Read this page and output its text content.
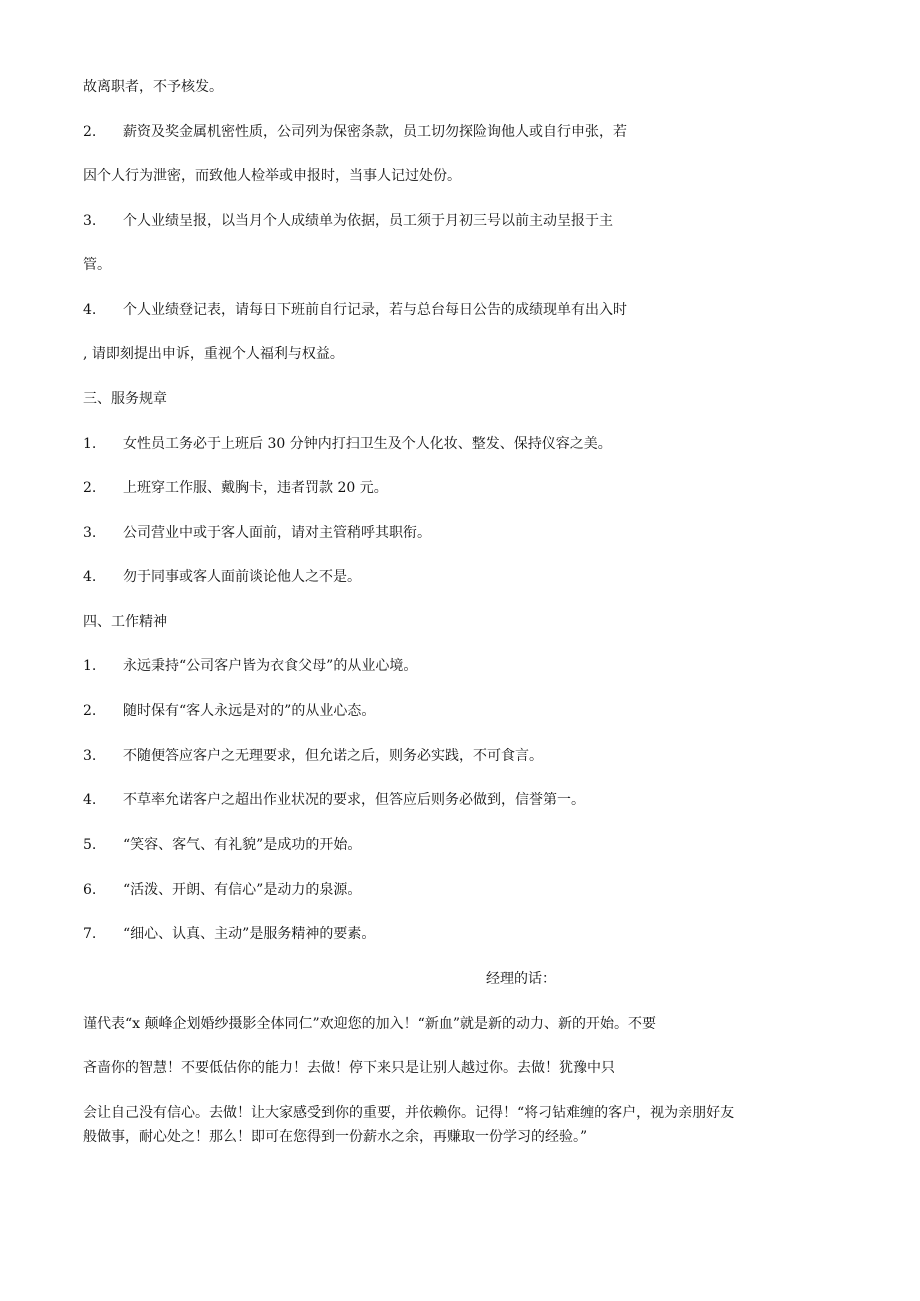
故离职者，不予核发。
2. 薪资及奖金属机密性质，公司列为保密条款，员工切勿探险询他人或自行申张，若
因个人行为泄密，而致他人检举或申报时，当事人记过处份。
3. 个人业绩呈报，以当月个人成绩单为依据，员工须于月初三号以前主动呈报于主
管。
4. 个人业绩登记表，请每日下班前自行记录，若与总台每日公告的成绩现单有出入时
, 请即刻提出申诉，重视个人福利与权益。
三、服务规章
1. 女性员工务必于上班后 30 分钟内打扫卫生及个人化妆、整发、保持仪容之美。
2. 上班穿工作服、戴胸卡，违者罚款 20 元。
3. 公司营业中或于客人面前，请对主管稍呼其职衔。
4. 勿于同事或客人面前谈论他人之不是。
四、工作精神
1. 永远秉持“公司客户皆为衣食父母”的从业心境。
2. 随时保有“客人永远是对的”的从业心态。
3. 不随便答应客户之无理要求，但允诺之后，则务必实践，不可食言。
4. 不草率允诺客户之超出作业状况的要求，但答应后则务必做到，信誉第一。
5. “笑容、客气、有礼貌”是成功的开始。
6. “活泼、开朗、有信心”是动力的泉源。
7. “细心、认真、主动”是服务精神的要素。
经理的话：
谨代表“x 颠峰企划婚纱摄影全体同仁”欢迎您的加入！“新血”就是新的动力、新的开始。不要
吝啬你的智慧！不要低估你的能力！去做！停下来只是让别人越过你。去做！犹豫中只
会让自己没有信心。去做！让大家感受到你的重要，并依赖你。记得！“将刁钻难缠的客户，视为亲朋好友
般做事，耐心处之！那么！即可在您得到一份薪水之余，再赚取一份学习的经验。”
